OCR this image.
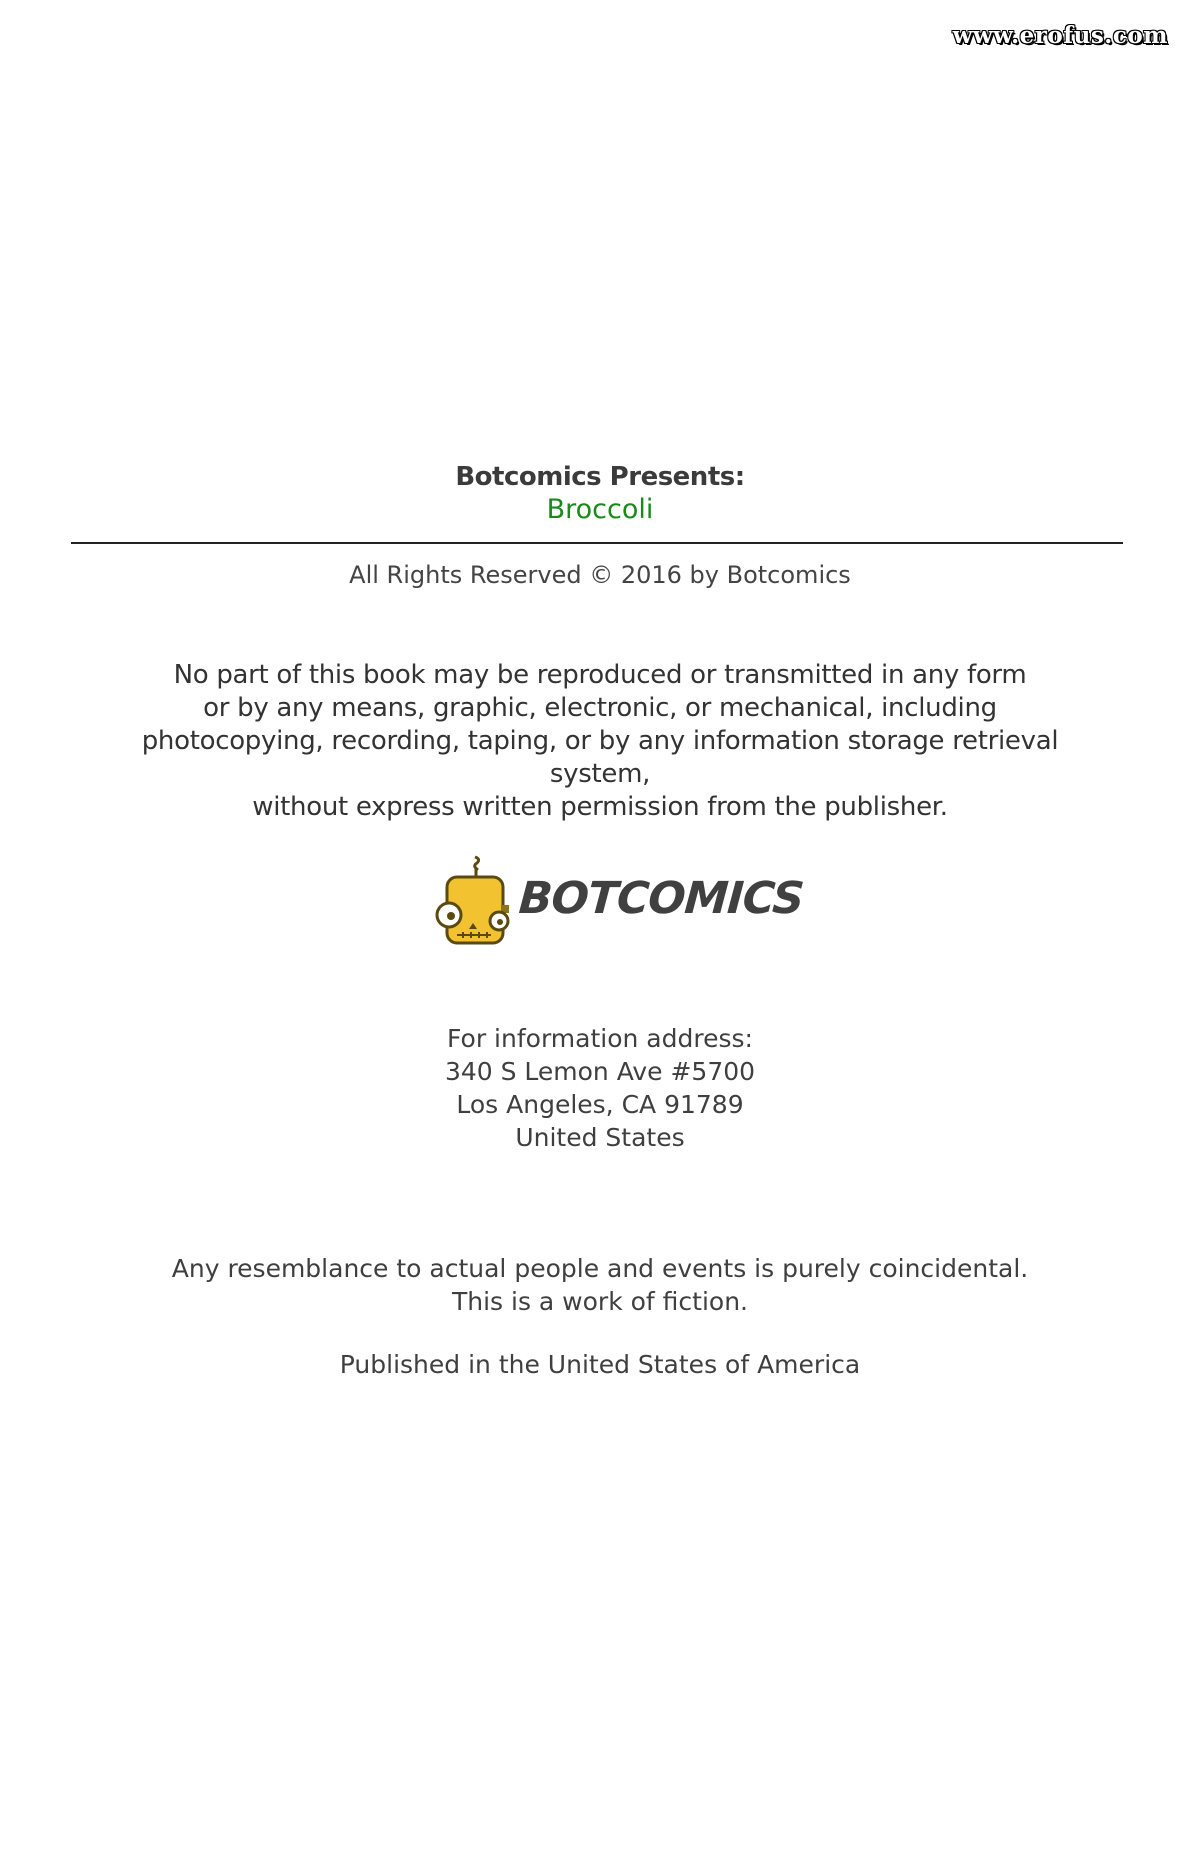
www.erofus.com
Botcomics Presents:
Broccoli
All Rights Reserved © 2016 by Botcomics
No part of this book may be reproduced or transmitted in any form
or by any means, graphic, electronic, or mechanical, including
photocopying, recording, taping, or by any information storage retrieval
system,
without express written permission from the publisher.
BOTCOMICS
For information address:
340 S Lemon Ave #5700
Los Angeles, CA 91789
United States
Any resemblance to actual people and events is purely coincidental.
This is a work of fiction.
Published in the United States of America
